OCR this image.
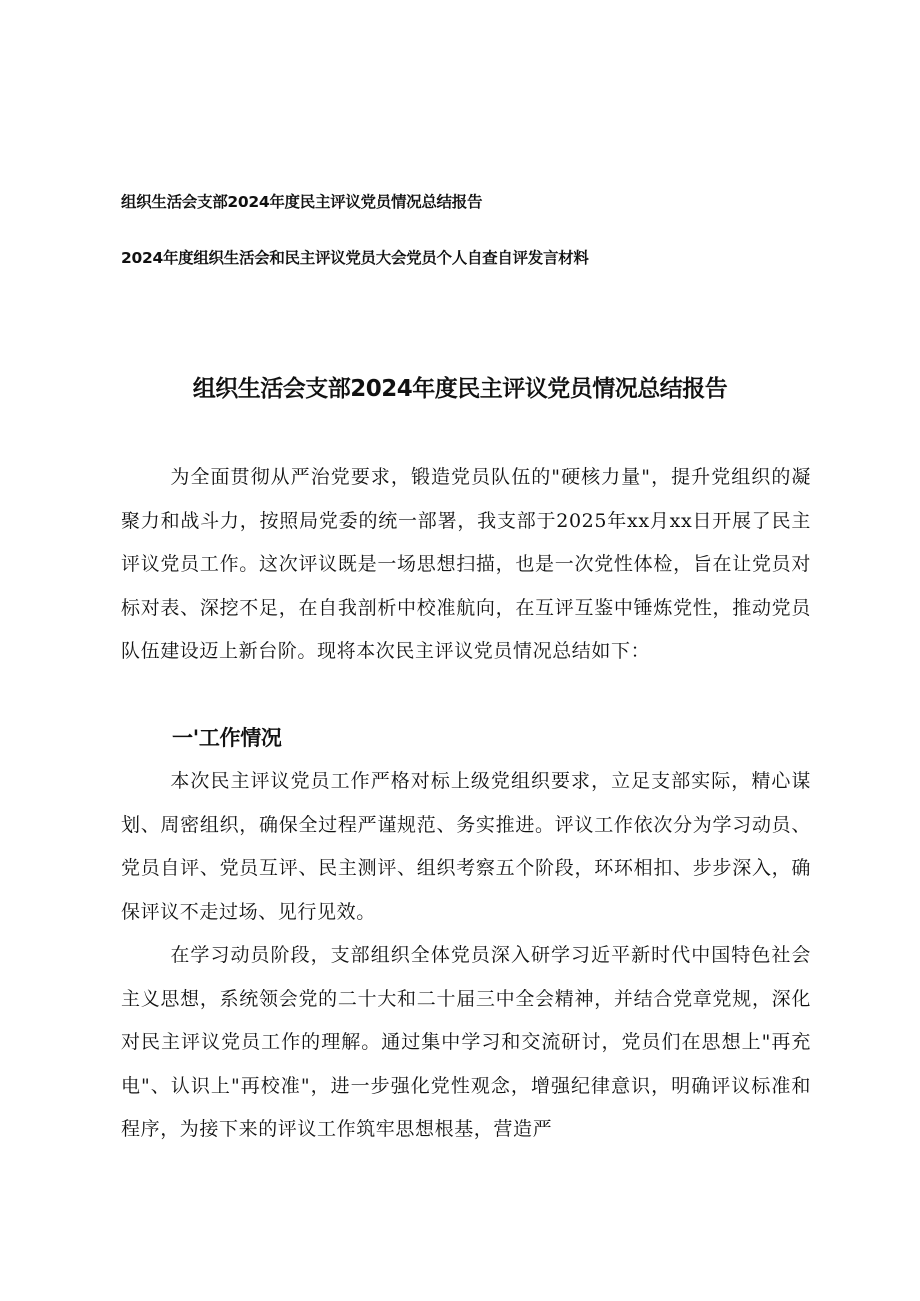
组织生活会支部2024年度民主评议党员情况总结报告
2024年度组织生活会和民主评议党员大会党员个人自查自评发言材料
组织生活会支部2024年度民主评议党员情况总结报告

为全面贯彻从严治党要求，锻造党员队伍的"硬核力量"，提升党组织的凝聚力和战斗力，按照局党委的统一部署，我支部于2025年xx月xx日开展了民主评议党员工作。这次评议既是一场思想扫描，也是一次党性体检，旨在让党员对标对表、深挖不足，在自我剖析中校准航向，在互评互鉴中锤炼党性，推动党员队伍建设迈上新台阶。现将本次民主评议党员情况总结如下：

一'工作情况

本次民主评议党员工作严格对标上级党组织要求，立足支部实际，精心谋划、周密组织，确保全过程严谨规范、务实推进。评议工作依次分为学习动员、党员自评、党员互评、民主测评、组织考察五个阶段，环环相扣、步步深入，确保评议不走过场、见行见效。

在学习动员阶段，支部组织全体党员深入研学习近平新时代中国特色社会主义思想，系统领会党的二十大和二十届三中全会精神，并结合党章党规，深化对民主评议党员工作的理解。通过集中学习和交流研讨，党员们在思想上"再充电"、认识上"再校准"，进一步强化党性观念，增强纪律意识，明确评议标准和程序，为接下来的评议工作筑牢思想根基，营造严
